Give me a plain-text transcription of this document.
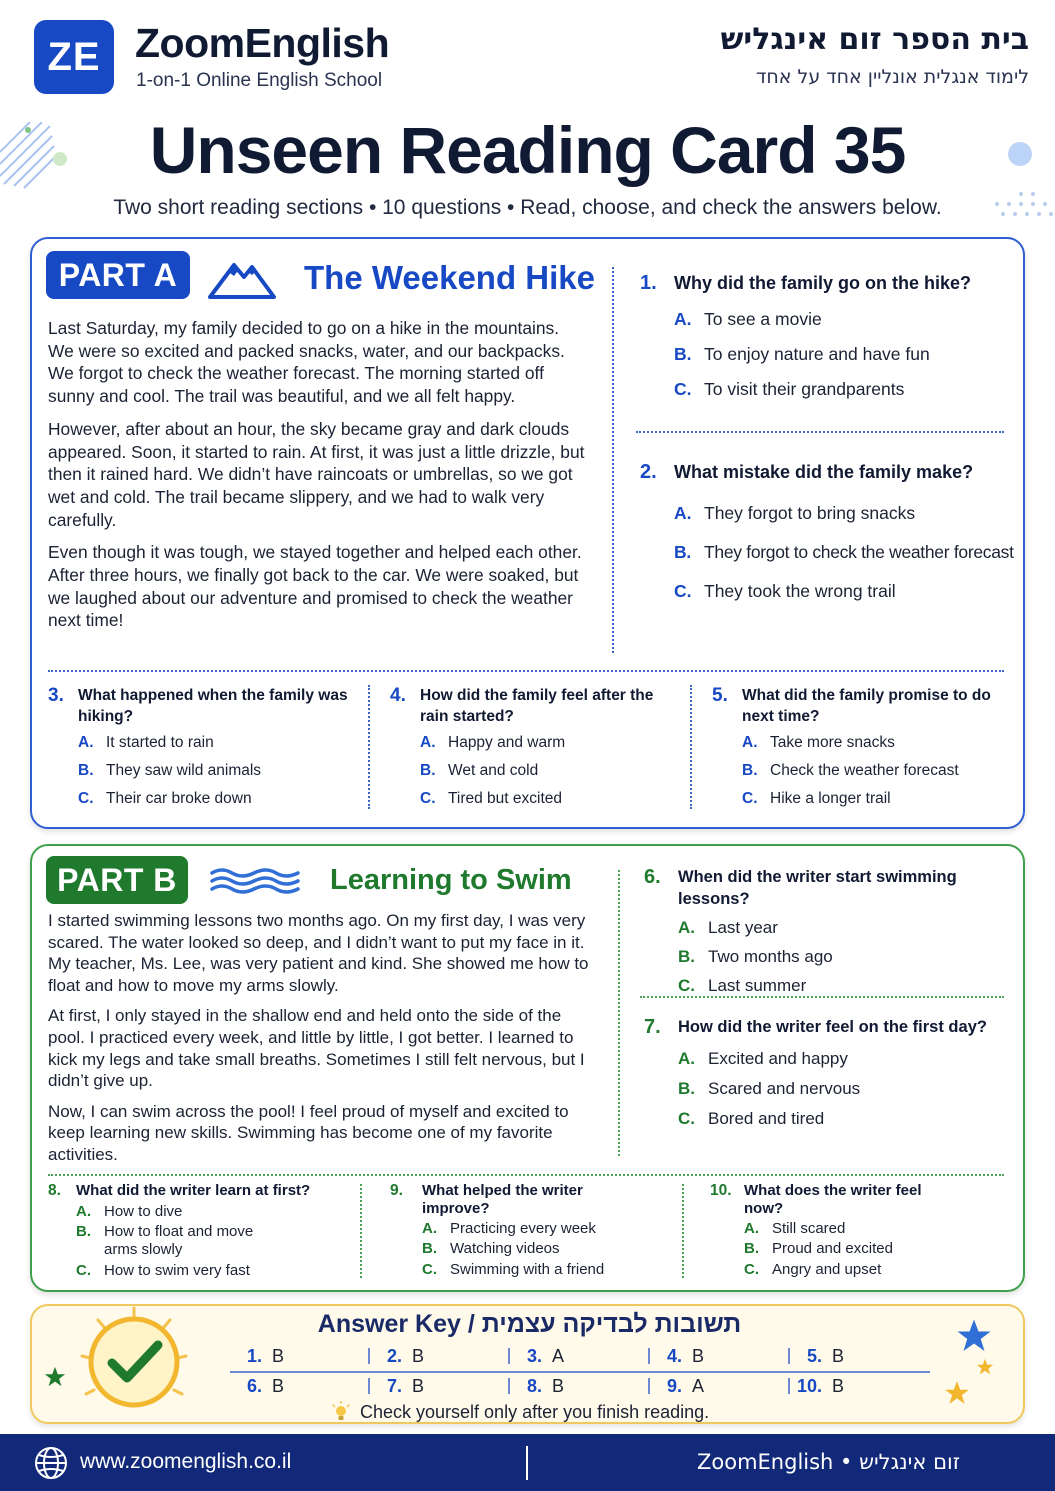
ZE ZoomEnglish
1-on-1 Online English School
בית הספר זום אינגליש
לימוד אנגלית אונליין אחד על אחד
Unseen Reading Card 35
Two short reading sections • 10 questions • Read, choose, and check the answers below.
PART A	The Weekend Hike

Last Saturday, my family decided to go on a hike in the mountains. We were so excited and packed snacks, water, and our backpacks. We forgot to check the weather forecast. The morning started off sunny and cool. The trail was beautiful, and we all felt happy.

However, after about an hour, the sky became gray and dark clouds appeared. Soon, it started to rain. At first, it was just a little drizzle, but then it rained hard. We didn’t have raincoats or umbrellas, so we got wet and cold. The trail became slippery, and we had to walk very carefully.

Even though it was tough, we stayed together and helped each other. After three hours, we finally got back to the car. We were soaked, but we laughed about our adventure and promised to check the weather next time!

1. Why did the family go on the hike?
A. To see a movie
B. To enjoy nature and have fun
C. To visit their grandparents
2. What mistake did the family make?
A. They forgot to bring snacks
B. They forgot to check the weather forecast
C. They took the wrong trail
3. What happened when the family was hiking?
A. It started to rain
B. They saw wild animals
C. Their car broke down
4. How did the family feel after the rain started?
A. Happy and warm
B. Wet and cold
C. Tired but excited
5. What did the family promise to do next time?
A. Take more snacks
B. Check the weather forecast
C. Hike a longer trail
PART B	Learning to Swim

I started swimming lessons two months ago. On my first day, I was very scared. The water looked so deep, and I didn’t want to put my face in it. My teacher, Ms. Lee, was very patient and kind. She showed me how to float and how to move my arms slowly.

At first, I only stayed in the shallow end and held onto the side of the pool. I practiced every week, and little by little, I got better. I learned to kick my legs and take small breaths. Sometimes I still felt nervous, but I didn’t give up.

Now, I can swim across the pool! I feel proud of myself and excited to keep learning new skills. Swimming has become one of my favorite activities.

6.	When did the writer start swimming lessons?
A. Last year
B. Two months ago
C. Last summer
7.	How did the writer feel on the first day?
A. Excited and happy
B. Scared and nervous
C. Bored and tired
8.	What did the writer learn at first?
A. How to dive
B. How to float and move arms slowly
C. How to swim very fast
9.	What helped the writer improve?
A. Practicing every week
B. Watching videos
C. Swimming with a friend
10. What does the writer feel now?
A. Still scared
B. Proud and excited
C. Angry and upset
Answer Key / תשובות לבדיקה עצמית
1. B	2. B	3. A	4. B	5. B
6. B	7. B	8. B	9. A	10. B
Check yourself only after you finish reading.
www.zoomenglish.co.il	ZoomEnglish • זום אינגליש
